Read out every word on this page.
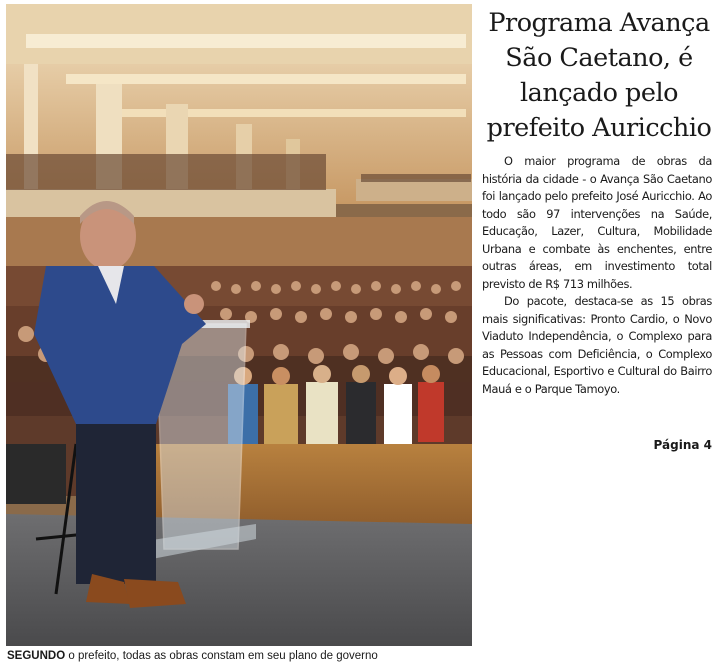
SEGUNDO o prefeito, todas as obras constam em seu plano de governo
Programa Avança São Caetano, é lançado pelo prefeito Auricchio

O maior programa de obras da história da cidade - o Avança São Caetano foi lançado pelo prefeito José Auricchio. Ao todo são 97 intervenções na Saúde, Educação, Lazer, Cultura, Mobilidade Urbana e combate às enchentes, entre outras áreas, em investimento total previsto de R$ 713 milhões.

Do pacote, destaca-se as 15 obras mais significativas: Pronto Cardio, o Novo Viaduto Independência, o Complexo para as Pessoas com Deficiência, o Complexo Educacional, Esportivo e Cultural do Bairro Mauá e o Parque Tamoyo.

Página 4
